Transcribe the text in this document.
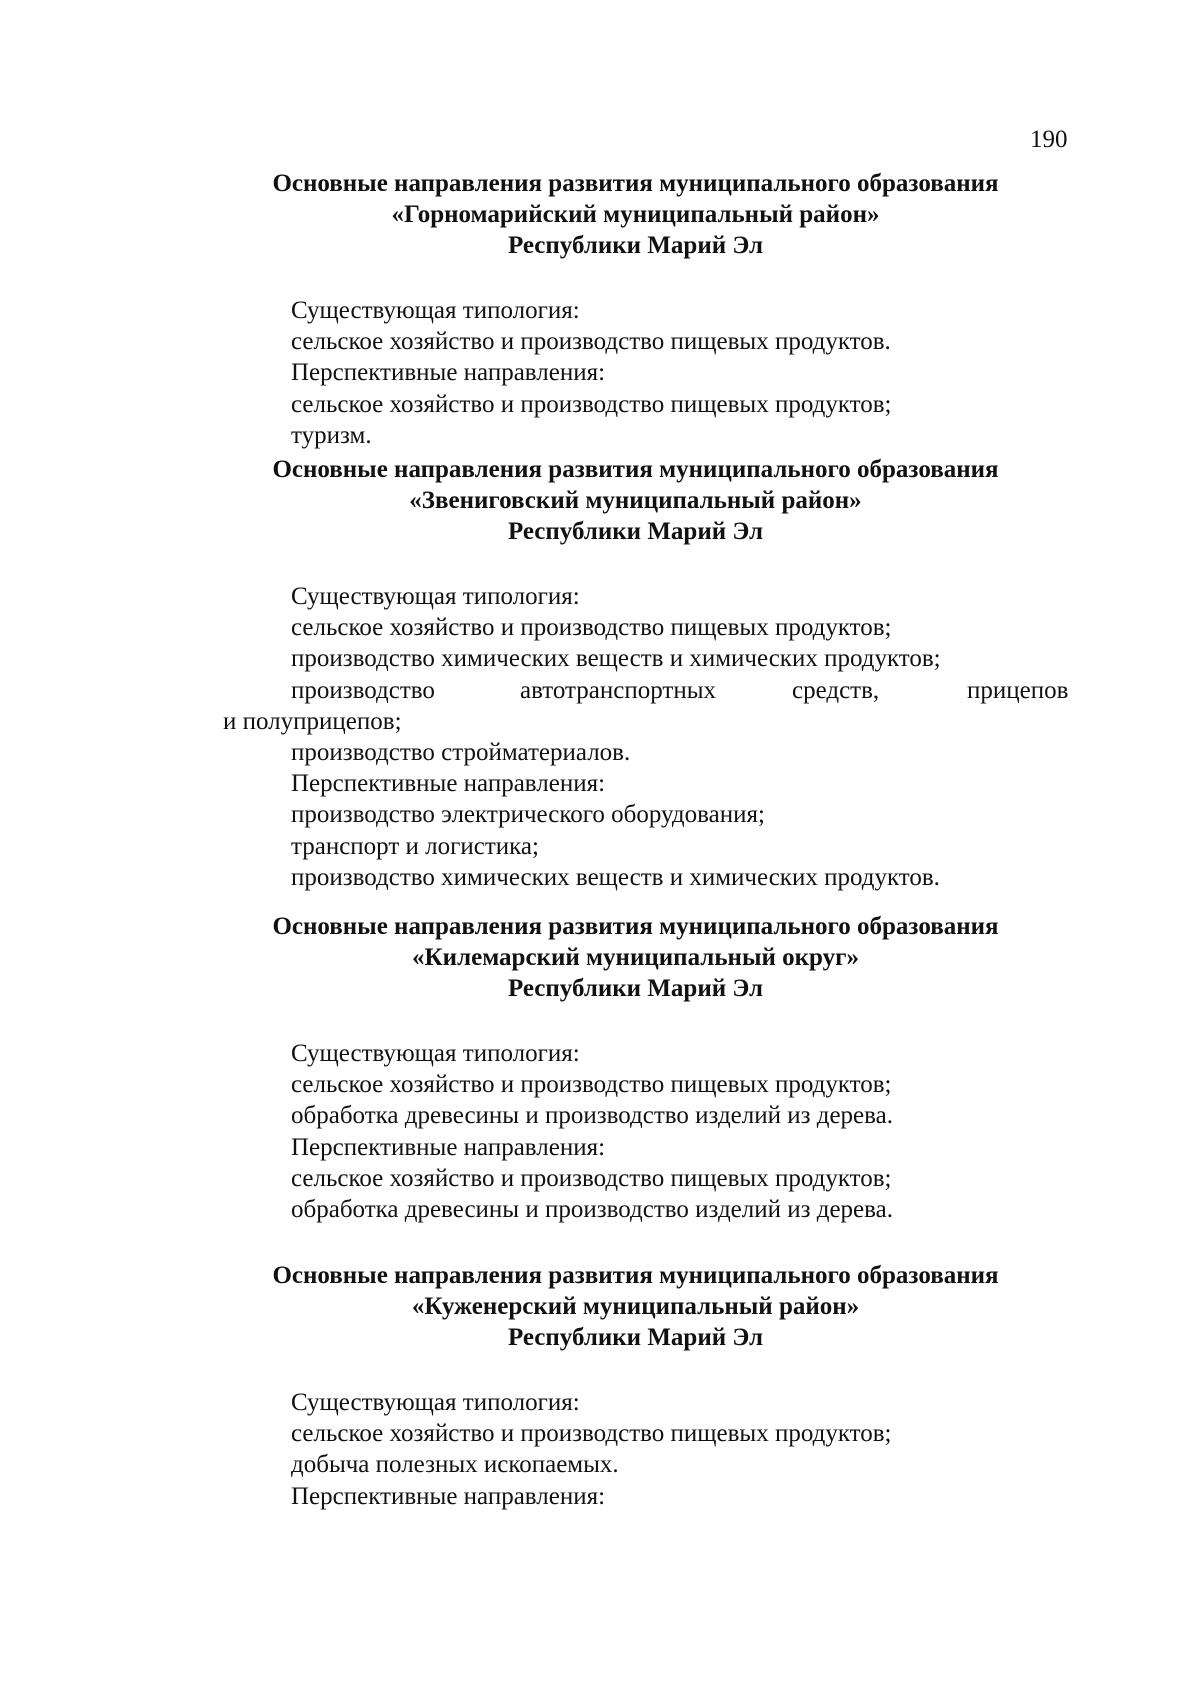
190
Основные направления развития муниципального образования
«Горномарийский муниципальный район»
Республики Марий Эл
Существующая типология:
сельское хозяйство и производство пищевых продуктов.
Перспективные направления:
сельское хозяйство и производство пищевых продуктов;
туризм.
Основные направления развития муниципального образования
«Звениговский муниципальный район»
Республики Марий Эл
Существующая типология:
сельское хозяйство и производство пищевых продуктов;
производство химических веществ и химических продуктов;
производство	автотранспортных	средств,	прицепов
и полуприцепов;
производство стройматериалов.
Перспективные направления:
производство электрического оборудования;
транспорт и логистика;
производство химических веществ и химических продуктов.
Основные направления развития муниципального образования
«Килемарский муниципальный округ»
Республики Марий Эл
Существующая типология:
сельское хозяйство и производство пищевых продуктов;
обработка древесины и производство изделий из дерева.
Перспективные направления:
сельское хозяйство и производство пищевых продуктов;
обработка древесины и производство изделий из дерева.
Основные направления развития муниципального образования
«Куженерский муниципальный район»
Республики Марий Эл
Существующая типология:
сельское хозяйство и производство пищевых продуктов;
добыча полезных ископаемых.
Перспективные направления:
